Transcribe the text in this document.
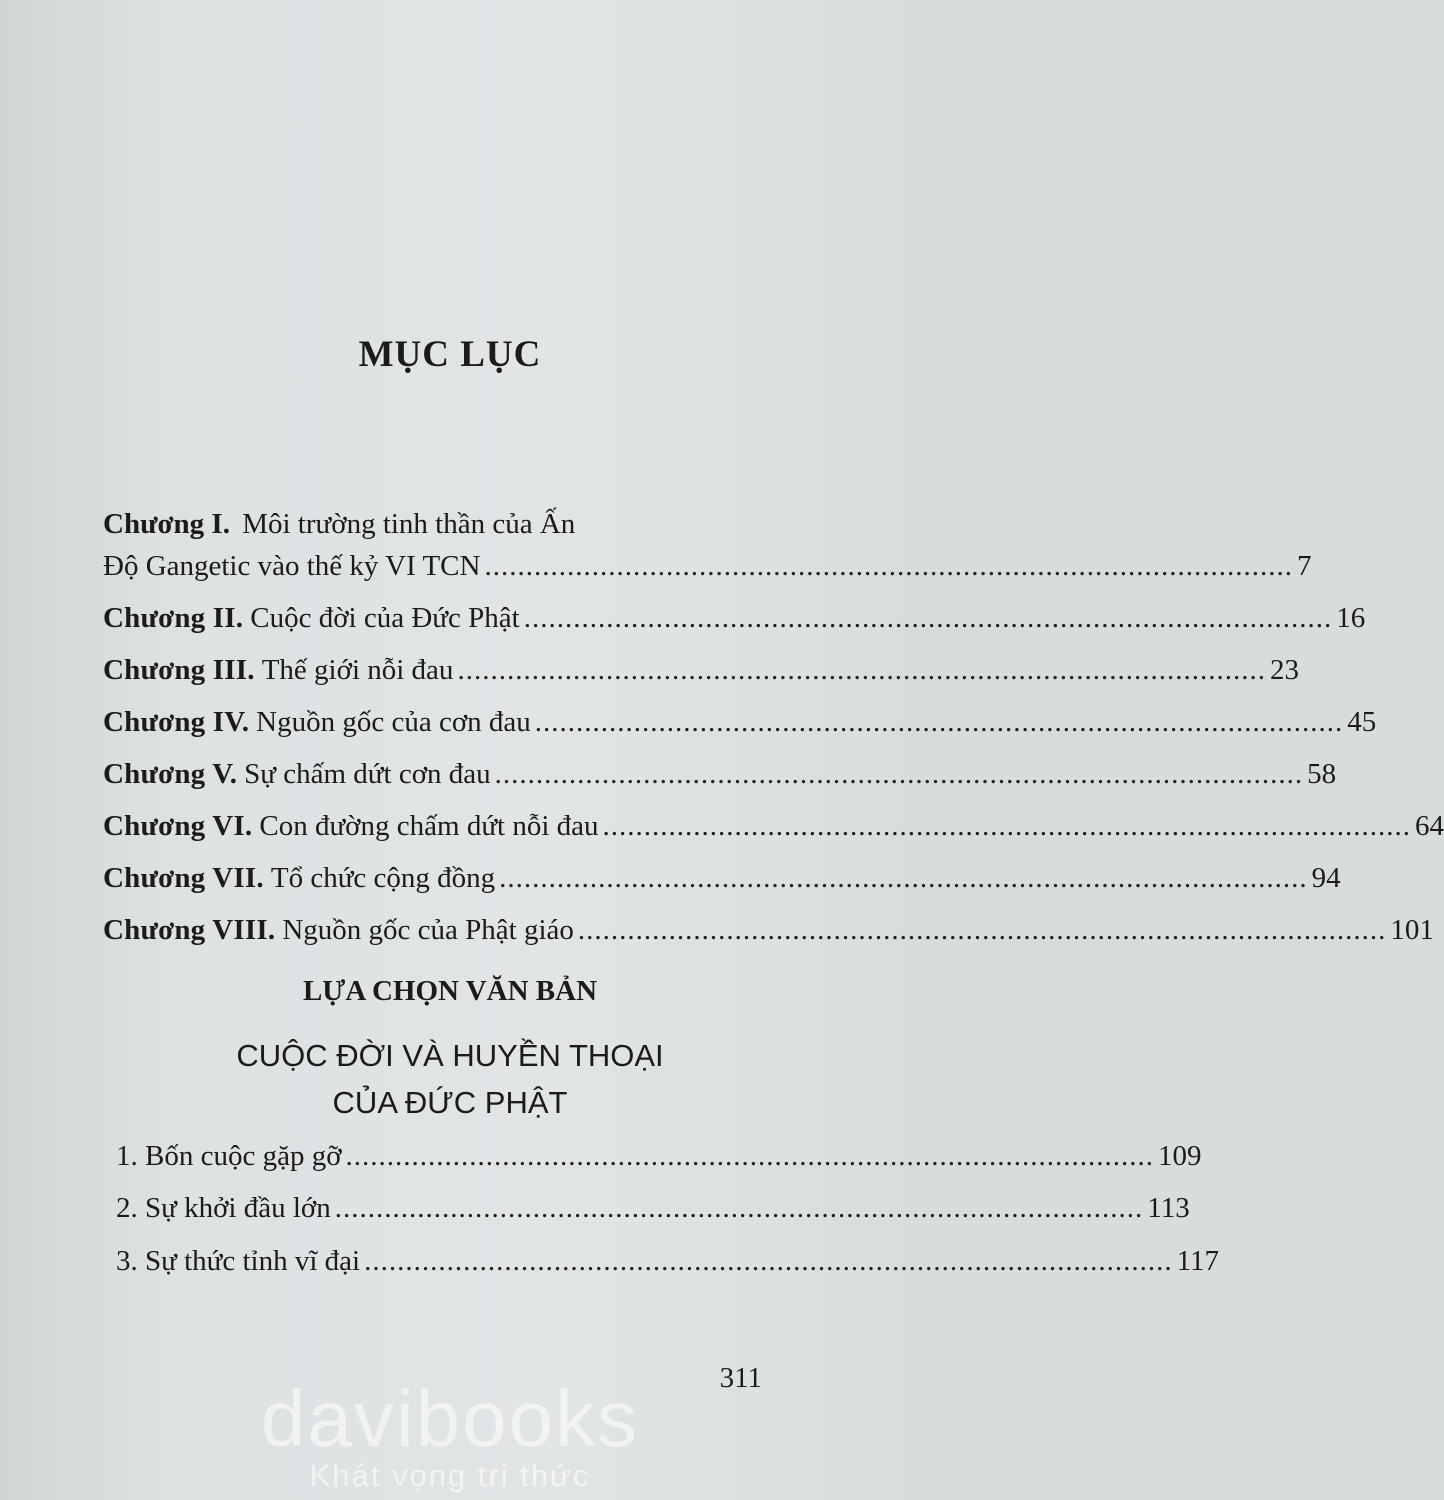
MỤC LỤC
Chương I. Môi trường tinh thần của Ấn
Độ Gangetic vào thế kỷ VI TCN .................................................................................................. 7
Chương II. Cuộc đời của Đức Phật .................................................................................................. 16
Chương III. Thế giới nỗi đau .................................................................................................. 23
Chương IV. Nguồn gốc của cơn đau .................................................................................................. 45
Chương V. Sự chấm dứt cơn đau .................................................................................................. 58
Chương VI. Con đường chấm dứt nỗi đau .................................................................................................. 64
Chương VII. Tổ chức cộng đồng .................................................................................................. 94
Chương VIII. Nguồn gốc của Phật giáo .................................................................................................. 101
LỰA CHỌN VĂN BẢN
CUỘC ĐỜI VÀ HUYỀN THOẠI
CỦA ĐỨC PHẬT
1. Bốn cuộc gặp gỡ .................................................................................................. 109
2. Sự khởi đầu lớn .................................................................................................. 113
3. Sự thức tỉnh vĩ đại .................................................................................................. 117
311
davibooks
Khát vọng tri thức
